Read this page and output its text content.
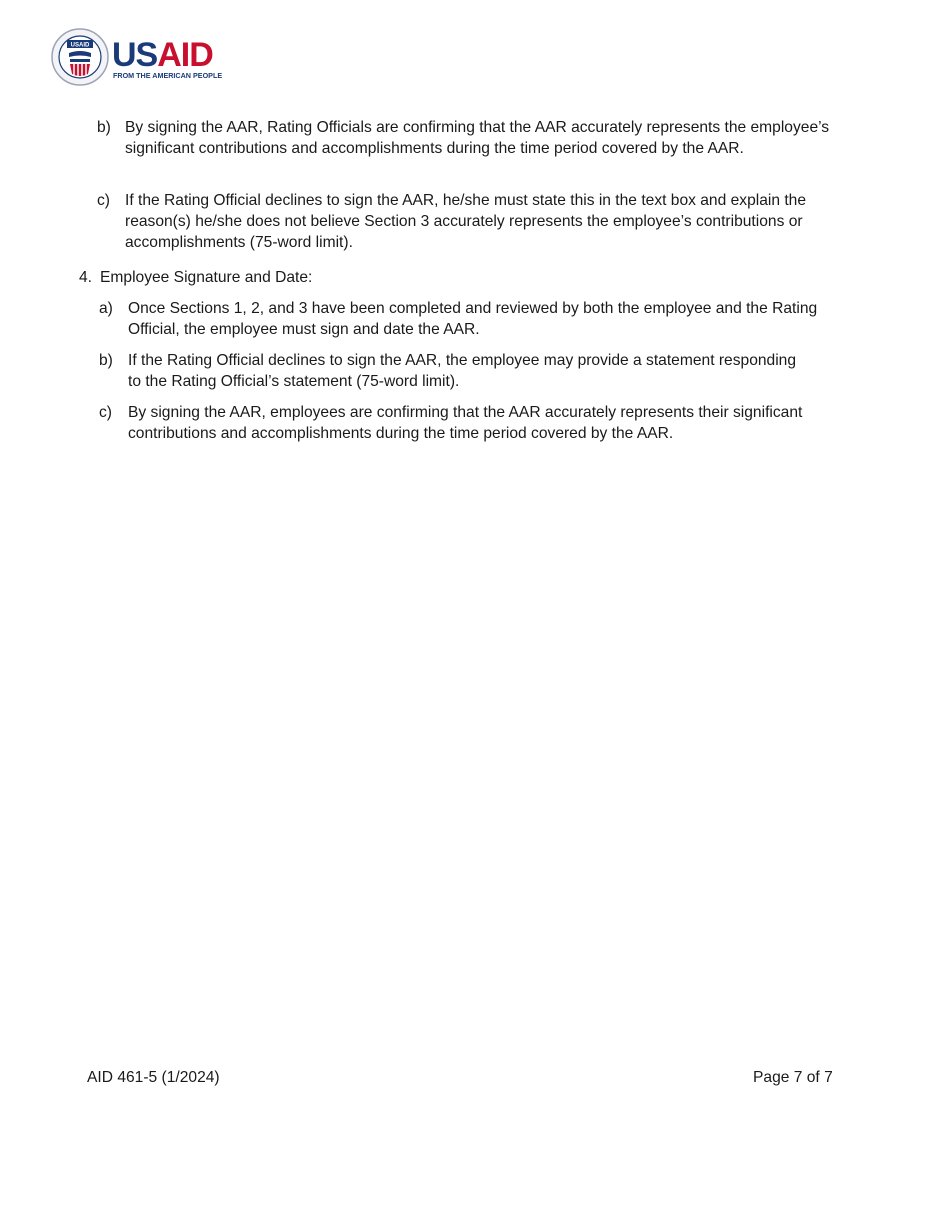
USAID USAID
FROM THE AMERICAN PEOPLE
b) By signing the AAR, Rating Officials are confirming that the AAR accurately represents the employee’s significant contributions and accomplishments during the time period covered by the AAR.
c) If the Rating Official declines to sign the AAR, he/she must state this in the text box and explain the reason(s) he/she does not believe Section 3 accurately represents the employee’s contributions or accomplishments (75-word limit).
4. Employee Signature and Date:
a) Once Sections 1, 2, and 3 have been completed and reviewed by both the employee and the Rating Official, the employee must sign and date the AAR.
b) If the Rating Official declines to sign the AAR, the employee may provide a statement responding to the Rating Official’s statement (75-word limit).
c)	By signing the AAR, employees are confirming that the AAR accurately represents their significant contributions and accomplishments during the time period covered by the AAR.
AID 461-5 (1/2024)	Page 7 of 7
